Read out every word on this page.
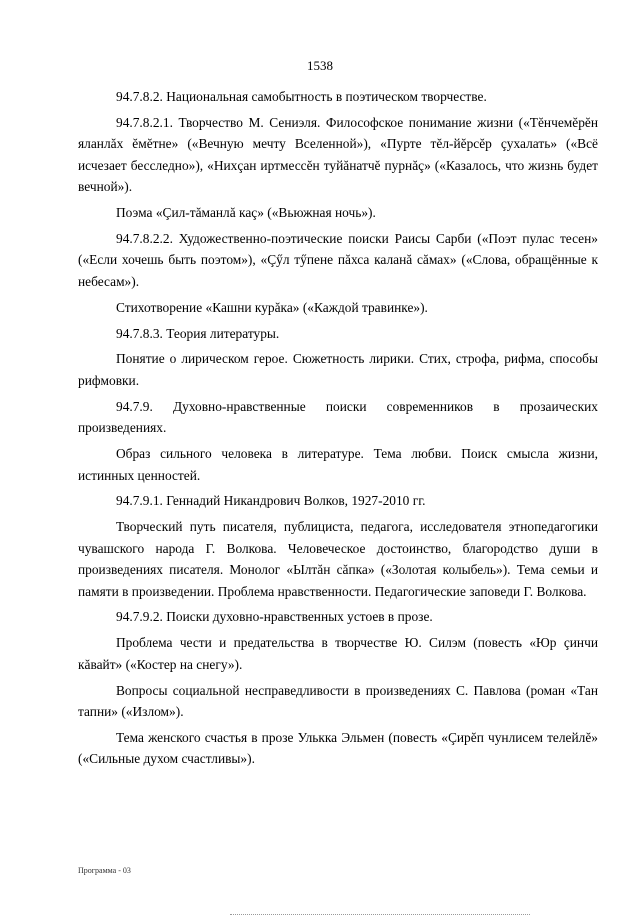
1538

94.7.8.2. Национальная самобытность в поэтическом творчестве.

94.7.8.2.1. Творчество М. Сениэля. Философское понимание жизни («Тĕнчемĕрĕн яланлăх ĕмĕтне» («Вечную мечту Вселенной»), «Пурте тĕл-йĕрсĕр çухалать» («Всё исчезает бесследно»), «Нихçан иртмессĕн туйăнатчĕ пурнăç» («Казалось, что жизнь будет вечной»).

Поэма «Çил-тăманлă каç» («Вьюжная ночь»).

94.7.8.2.2. Художественно-поэтические поиски Раисы Сарби («Поэт пулас тесен» («Если хочешь быть поэтом»), «Çӳл тӳпене пăхса каланă сăмах» («Слова, обращённые к небесам»).

Стихотворение «Кашни курăка» («Каждой травинке»).

94.7.8.3. Теория литературы.

Понятие о лирическом герое. Сюжетность лирики. Стих, строфа, рифма, способы рифмовки.

94.7.9. Духовно-нравственные поиски современников в прозаических произведениях.

Образ сильного человека в литературе. Тема любви. Поиск смысла жизни, истинных ценностей.

94.7.9.1. Геннадий Никандрович Волков, 1927-2010 гг.

Творческий путь писателя, публициста, педагога, исследователя этнопедагогики чувашского народа Г. Волкова. Человеческое достоинство, благородство души в произведениях писателя. Монолог «Ылтăн сăпка» («Золотая колыбель»). Тема семьи и памяти в произведении. Проблема нравственности. Педагогические заповеди Г. Волкова.

94.7.9.2. Поиски духовно-нравственных устоев в прозе.

Проблема чести и предательства в творчестве Ю. Силэм (повесть «Юр çинчи кăвайт» («Костер на снегу»).

Вопросы социальной несправедливости в произведениях С. Павлова (роман «Тан тапни» («Излом»).

Тема женского счастья в прозе Улькка Эльмен (повесть «Çирĕп чунлисем телейлĕ» («Сильные духом счастливы»).

Программа - 03
